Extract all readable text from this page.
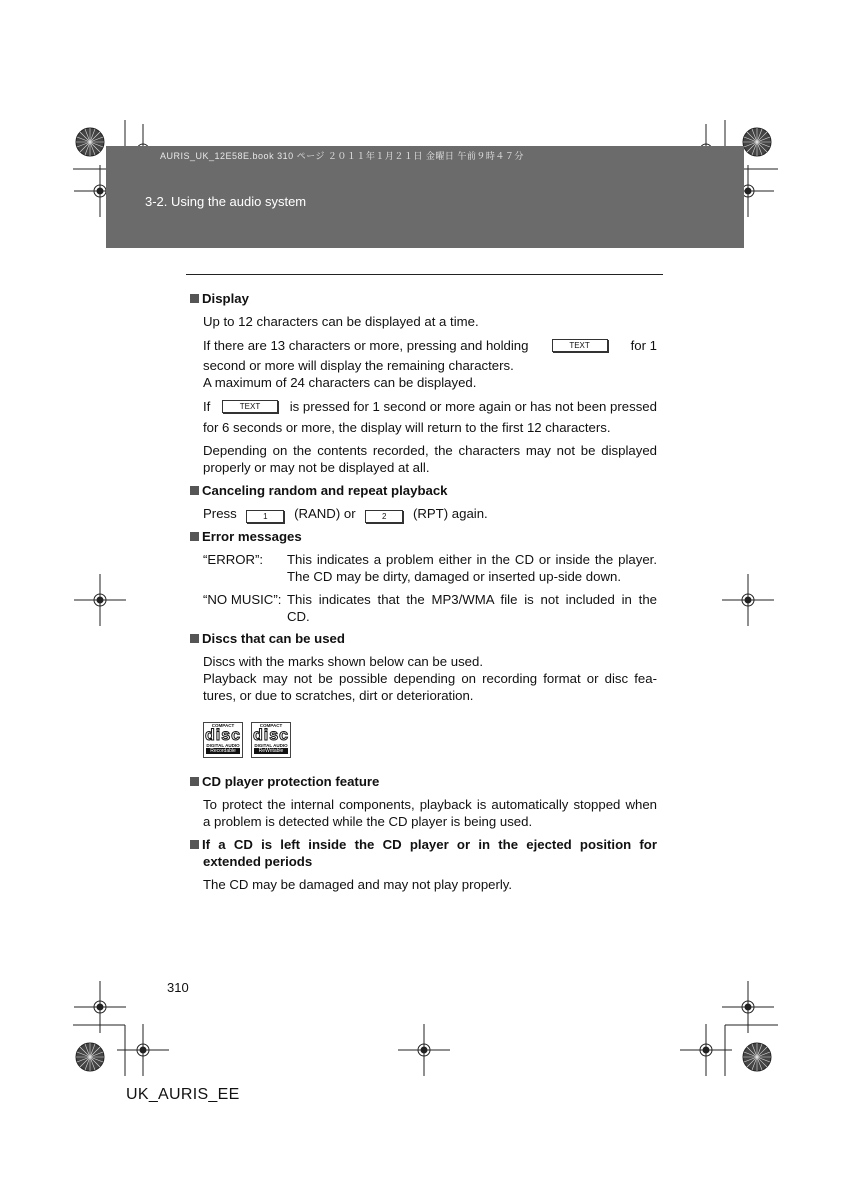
AURIS_UK_12E58E.book 310 ページ ２０１１年１月２１日 金曜日 午前９時４７分
3-2. Using the audio system
Display
Up to 12 characters can be displayed at a time.
If there are 13 characters or more, pressing and holding	TEXT	for 1
second or more will display the remaining characters.
A maximum of 24 characters can be displayed.
If	TEXT	is pressed for 1 second or more again or has not been pressed
for 6 seconds or more, the display will return to the first 12 characters.
Depending on the contents recorded, the characters may not be displayed
properly or may not be displayed at all.
Canceling random and repeat playback
Press	1 (RAND) or	2 (RPT) again.
Error messages
“ERROR”: This indicates a problem either in the CD or inside the player.
The CD may be dirty, damaged or inserted up-side down.
“NO MUSIC”: This indicates that the MP3/WMA file is not included in the
CD.
Discs that can be used
Discs with the marks shown below can be used.
Playback may not be possible depending on recording format or disc fea-
tures, or due to scratches, dirt or deterioration.
COMPACT
disc
DIGITAL AUDIO
Recordable
COMPACT
disc
DIGITAL AUDIO
ReWritable
CD player protection feature
To protect the internal components, playback is automatically stopped when
a problem is detected while the CD player is being used.
If a CD is left inside the CD player or in the ejected position for
extended periods
The CD may be damaged and may not play properly.
310
UK_AURIS_EE
